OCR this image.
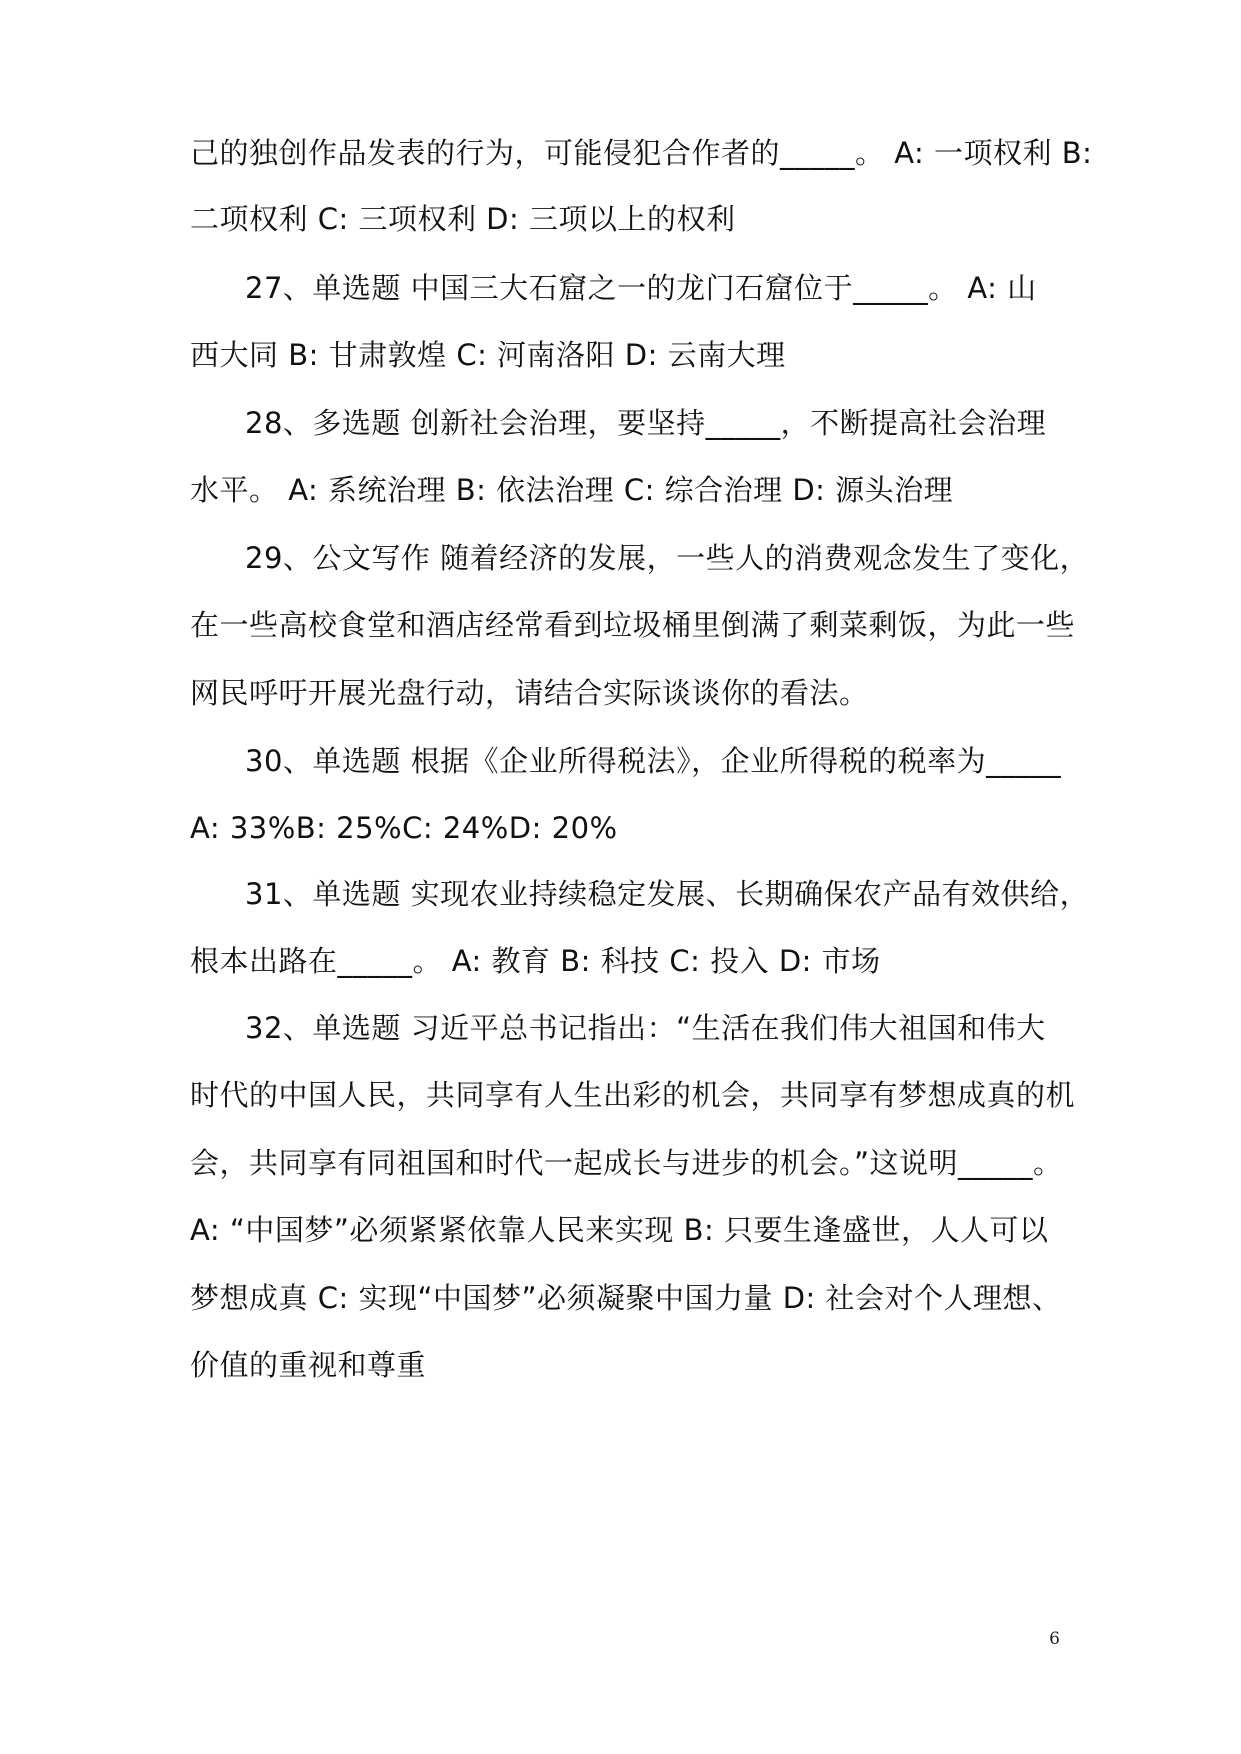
己的独创作品发表的行为，可能侵犯合作者的_____。 A: 一项权利 B:
二项权利 C: 三项权利 D: 三项以上的权利
27、单选题 中国三大石窟之一的龙门石窟位于_____。 A: 山
西大同 B: 甘肃敦煌 C: 河南洛阳 D: 云南大理
28、多选题 创新社会治理，要坚持_____，不断提高社会治理
水平。 A: 系统治理 B: 依法治理 C: 综合治理 D: 源头治理
29、公文写作 随着经济的发展，一些人的消费观念发生了变化，
在一些高校食堂和酒店经常看到垃圾桶里倒满了剩菜剩饭，为此一些
网民呼吁开展光盘行动，请结合实际谈谈你的看法。
30、单选题 根据《企业所得税法》，企业所得税的税率为_____
A: 33%B: 25%C: 24%D: 20%
31、单选题 实现农业持续稳定发展、长期确保农产品有效供给，
根本出路在_____。 A: 教育 B: 科技 C: 投入 D: 市场
32、单选题 习近平总书记指出：“生活在我们伟大祖国和伟大
时代的中国人民，共同享有人生出彩的机会，共同享有梦想成真的机
会，共同享有同祖国和时代一起成长与进步的机会。”这说明_____。
A: “中国梦”必须紧紧依靠人民来实现 B: 只要生逢盛世，人人可以
梦想成真 C: 实现“中国梦”必须凝聚中国力量 D: 社会对个人理想、
价值的重视和尊重
6
